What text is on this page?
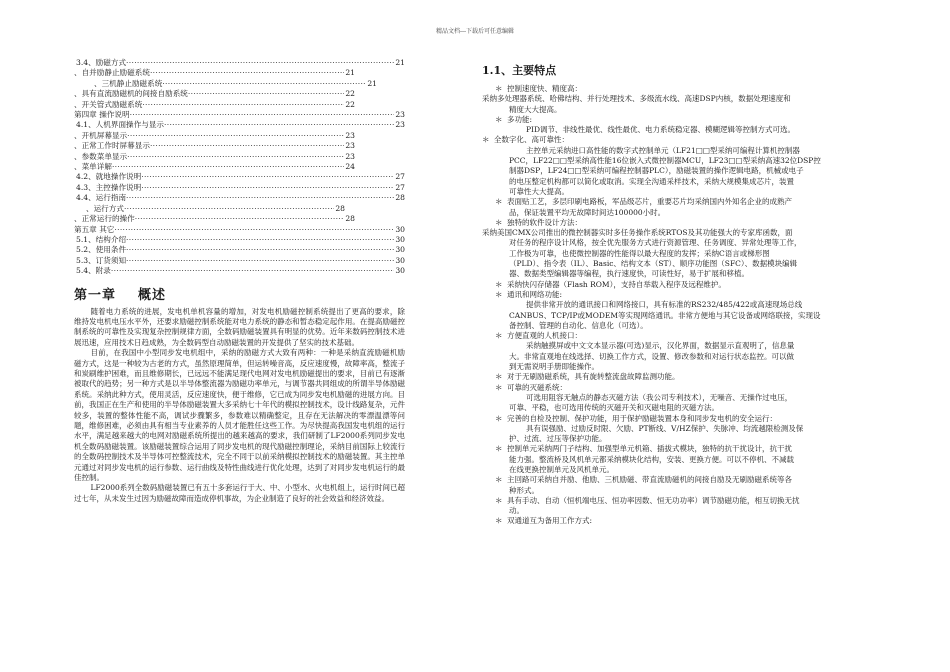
精品文档---下载后可任意编辑
3.4、励磁方式 ·····	21
、自并励静止励磁系统 ·····	21
、三机静止励磁系统 ·····	21
、具有直流励磁机的间接自励系统 ·····	22
、开关管式励磁系统 ·····	22
第四章 操作说明 ·····	23
4.1、人机界面操作与显示 ·····	23
、开机屏幕显示 ·····	23
、正常工作时屏幕显示 ·····	23
、参数菜单显示 ·····	23
、菜单详解 ·····	24
4.2、就地操作说明 ·····	27
4.3、主控操作说明 ·····	27
4.4、运行指南 ·····	28
、运行方式 ·····	28
、正常运行的操作 ·····	28
第五章 其它 ·····	30
5.1、结构介绍 ·····	30
5.2、使用条件 ·····	30
5.3、订货须知 ·····	30
5.4、附录 ·····	30
第一章 概述

随着电力系统的进展，发电机单机容量的增加，对发电机励磁控制系统提出了更高的要求，除维持发电机电压水平外，还要求励磁控制系统能对电力系统的静态和暂态稳定起作用。在提高励磁控制系统的可靠性及实现复杂控制规律方面，全数码励磁装置具有明显的优势。近年来数码控制技术进展迅速，应用技术日趋成熟，为全数码型自动励磁装置的开发提供了坚实的技术基础。

目前，在我国中小型同步发电机组中，采纳的励磁方式大致有两种：一种是采纳直流励磁机励磁方式，这是一种较为古老的方式，虽然原理简单，但运转噪音高，反应速度慢，故障率高，整流子和炭刷维护困难，而且维修期长，已远远不能满足现代电网对发电机励磁提出的要求，目前已有逐渐被取代的趋势；另一种方式是以半导体整流器为励磁功率单元，与调节器共同组成的所谓半导体励磁系统。采纳此种方式，使用灵活，反应速度快，便于维修，它已成为同步发电机励磁的进展方向。目前，我国正在生产和使用的半导体励磁装置大多采纳七十年代的模拟控制技术，设计线路复杂，元件较多，装置的整体性能不高，调试步骤繁多，参数难以精确整定，且存在无法解决的零漂温漂等问题，维修困难，必须由具有相当专业素养的人员才能胜任这些工作。为尽快提高我国发电机组的运行水平，满足越来越大的电网对励磁系统所提出的越来越高的要求，我们研制了LF2000系列同步发电机全数码励磁装置。该励磁装置综合运用了同步发电机的现代励磁控制理论，采纳目前国际上较流行的全数码控制技术及半导体可控整流技术，完全不同于以前采纳模拟控制技术的励磁装置。其主控单元通过对同步发电机的运行参数、运行曲线及特性曲线进行优化处理，达到了对同步发电机运行的最佳控制。

LF2000系列全数码励磁装置已有五十多套运行于大、中、小型水、火电机组上，运行时间已超过七年，从未发生过因为励磁故障而造成停机事故，为企业制造了良好的社会效益和经济效益。

1.1、主要特点

＊ 控制速度快、精度高：

采纳多处理器系统、哈佛结构、并行处理技术、多级流水线、高速DSP内核，数据处理速度和

精度大大提高。

＊ 多功能:

PID调节、非线性最优、线性最优、电力系统稳定器、模糊逻辑等控制方式可选。

＊ 全数字化、高可靠性：

主控单元采纳进口高性能的数字式控制单元（LF21□□型采纳可编程计算机控制器

PCC，LF22□□型采纳高性能16位嵌入式微控制器MCU，LF23□□型采纳高速32位DSP控

制器DSP，LF24□□型采纳可编程控制器PLC），励磁装置的操作逻辑电路，机械或电子

的电压整定机构都可以简化或取消。实现全沟通采样技术，采纳大规模集成芯片，装置

可靠性大大提高。

＊ 表面贴工艺，多层印刷电路板，军品级芯片，重要芯片均采纳国内外知名企业的成熟产

品，保证装置平均无故障时间达100000小时。

＊ 独特的软件设计方法：

采纳美国CMX公司推出的微控制器实时多任务操作系统RTOS及其功能强大的专家库函数，面

对任务的程序设计风格，按全优先服务方式进行资源管理、任务调度、异常处理等工作，

工作极为可靠，也使微控制器的性能得以最大程度的发挥；采纳C语言或梯形图

（PLD）、指令表（IL）、Basic、结构文本（ST）、顺序功能图（SFC）、数据模块编辑

器、数据类型编辑器等编程，执行速度快，可读性好，易于扩展和移植。

＊ 采纳快闪存储器（Flash ROM），支持自举载入程序及远程维护。

＊ 通讯和网络功能:

提供非常开放的通讯接口和网络接口，具有标准的RS232/485/422或高速现场总线

CANBUS、TCP/IP或MODEM等实现网络通讯。非常方便地与其它设备或网络联接，实现设

备控制、管理的自动化、信息化（可选）。

＊ 方便直观的人机接口：

采纳触摸屏或中文文本显示器(可选)显示，汉化界面，数据显示直观明了，信息量

大。非常直观地在线选择、切换工作方式，设置、修改参数和对运行状态监控。可以做

到无需说明手册即能操作。

＊ 对于无刷励磁系统，具有旋转整流盘故障监测功能。

＊ 可靠的灭磁系统：

可选用阻容无触点的静态灭磁方法（我公司专利技术），无噪音、无操作过电压，

可靠、平稳，也可选用传统的灭磁开关和灭磁电阻的灭磁方法。

＊ 完善的自检及控制、保护功能，用于保护励磁装置本身和同步发电机的安全运行：

具有误强励、过励反时限、欠励、PT断线、V/HZ保护、失脉冲、均流越限检测及保

护、过流、过压等保护功能。

＊ 控制单元采纳两门子结构、加强型单元机箱、插拔式模块，独特的抗干扰设计，抗干扰

能力强。整流桥及风机单元都采纳模块化结构，安装、更换方便。可以不停机、不减载

在线更换控制单元及风机单元。

＊ 主回路可采纳自并励、他励、三机励磁、带直流励磁机的间接自励及无刷励磁系统等各

种形式。

＊ 具有手动、自动（恒机端电压、恒功率因数、恒无功功率）调节励磁功能，相互切换无扰

动。

＊ 双通道互为备用工作方式:
